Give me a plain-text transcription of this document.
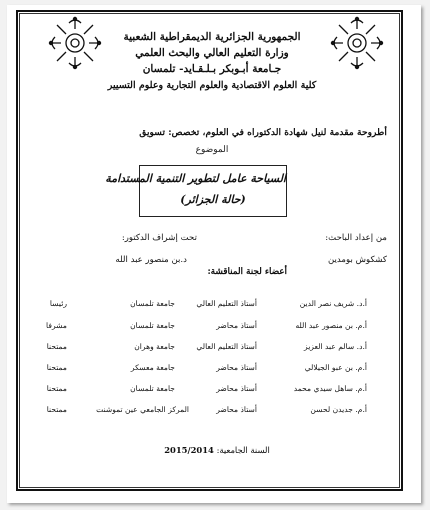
الجمهورية الجزائرية الديمقراطية الشعبية
وزارة التعليم العالي والبحث العلمي
جـامعة أبـوبكر بـلـقـايد- تلمسان
كلية العلوم الاقتصادية والعلوم التجارية وعلوم التسيير
أطروحة مقدمة لنيل شهادة الدكتوراه في العلوم، تخصص: تسويق
الموضوع
السياحة عامل لتطوير التنمية المستدامة
(حالة الجزائر)
من إعداد الباحث:
تحت إشراف الدكتور:
كشكوش بومدين
د.بن منصور عبد الله
أعضاء لجنة المناقشة:
أ.د. شريف نصر الدين
أستاذ التعليم العالي
جامعة تلمسان
رئيسا
أ.م. بن منصور عبد الله
أستاذ محاضر
جامعة تلمسان
مشرفا
أ.د. سالم عبد العزيز
أستاذ التعليم العالي
جامعة وهران
ممتحنا
أ.م. بن عبو الجيلالي
أستاذ محاضر
جامعة معسكر
ممتحنا
أ.م. ساهل سيدي محمد
أستاذ محاضر
جامعة تلمسان
ممتحنا
أ.م. جديدن لحسن
أستاذ محاضر
المركز الجامعي عين تموشنت
ممتحنا
2015/2014 السنة الجامعية:
